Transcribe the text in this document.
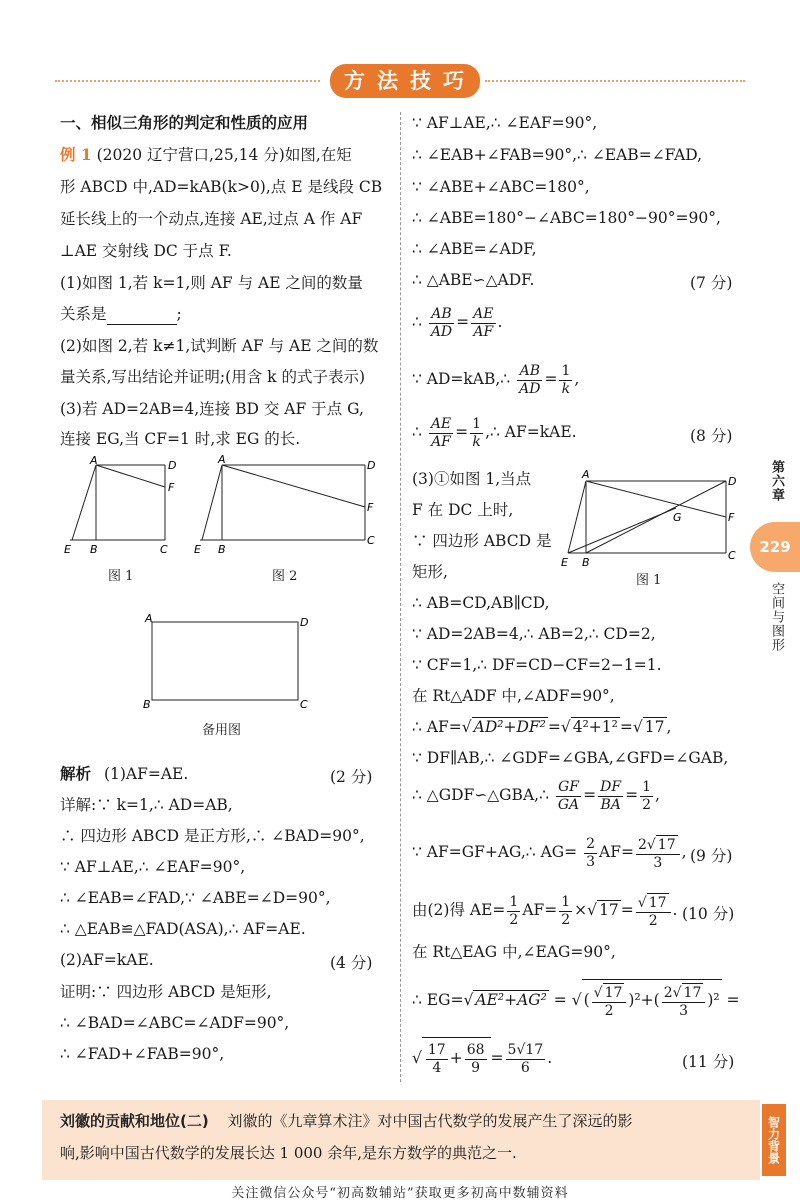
方法技巧
一、相似三角形的判定和性质的应用
例 1 (2020 辽宁营口,25,14 分)如图,在矩
形 ABCD 中,AD=kAB(k>0),点 E 是线段 CB
延长线上的一个动点,连接 AE,过点 A 作 AF
⊥AE 交射线 DC 于点 F.
(1)如图 1,若 k=1,则 AF 与 AE 之间的数量
关系是	;
(2)如图 2,若 k≠1,试判断 AF 与 AE 之间的数
量关系,写出结论并证明;(用含 k 的式子表示)
(3)若 AD=2AB=4,连接 BD 交 AF 于点 G,
连接 EG,当 CF=1 时,求 EG 的长.
A	D
F
E B	C
图 1
A	D
F
C
E B
图 2
A	D
B	C
备用图
解析 (1)AF=AE.	(2 分)
详解:∵ k=1,∴ AD=AB,
∴ 四边形 ABCD 是正方形,∴ ∠BAD=90°,
∵ AF⊥AE,∴ ∠EAF=90°,
∴ ∠EAB=∠FAD,∵ ∠ABE=∠D=90°,
∴ △EAB≌△FAD(ASA),∴ AF=AE.
(2)AF=kAE.	(4 分)
证明:∵ 四边形 ABCD 是矩形,
∴ ∠BAD=∠ABC=∠ADF=90°,
∴ ∠FAD+∠FAB=90°,
∵ AF⊥AE,∴ ∠EAF=90°,
∴ ∠EAB+∠FAB=90°,∴ ∠EAB=∠FAD,
∵ ∠ABE+∠ABC=180°,
∴ ∠ABE=180°−∠ABC=180°−90°=90°,
∴ ∠ABE=∠ADF,
∴ △ABE∽△ADF.	(7 分)
∴ $\frac{AB}{AD} = \frac{AE}{AF}$ .
∵ AD=kAB,∴ $\frac{AB}{AD} = \frac{1}{k}$ ,
∴ $\frac{AE}{AF} = \frac{1}{k}$ ,∴ AF=kAE.	(8 分)
(3)①如图 1,当点
F 在 DC 上时,
∵ 四边形 ABCD 是
矩形,
A
D
F
C
G
E B
图 1
∴ AB=CD,AB∥CD,
∵ AD=2AB=4,∴ AB=2,∴ CD=2,
∵ CF=1,∴ DF=CD−CF=2−1=1.
在 Rt△ADF 中,∠ADF=90°,
∴ AF=√ AD²+DF² =√ 4²+1² =√ 17 ,
∵ DF∥AB,∴ ∠GDF=∠GBA,∠GFD=∠GAB,
∴ △GDF∽△GBA,∴ $\frac{GF}{GA} = \frac{DF}{BA} = \frac{1}{2}$ ,
∵ AF=GF+AG,∴ $AG= \frac{2}{3} AF= \frac{2√ 17}{3}$ , (9 分)
由(2)得 $AE= \frac{1}{2} AF= \frac{1}{2}$ ×√ $17 = \frac{√ 17}{2}$ . (10 分)
在 Rt△EAG 中,∠EAG=90°,
∴ EG=√ AE²+AG² = √ ( $\frac{√ 17}{2} )^2+( \frac{2√ 17}{3} )^2$ =
√ $\frac{17}{4} + \frac{68}{9} = \frac{5√17}{6}$ .	(11 分)
第六章
229
空间与图形
刘徽的贡献和地位(二) 刘徽的《九章算术注》对中国古代数学的发展产生了深远的影
响,影响中国古代数学的发展长达 1 000 余年,是东方数学的典范之一.	智力背景
关注微信公众号“初高数辅站”获取更多初高中数辅资料
